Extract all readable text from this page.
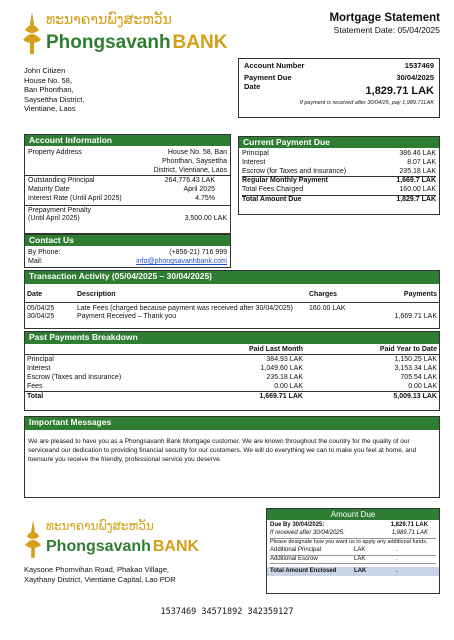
ທະນາຄານພົງສະຫວັນ
Phongsavanh BANK
Mortgage Statement
Statement Date: 05/04/2025
John Citizen
House No. 58,
Ban Phonthan,
Saysettha District,
Vientiane, Laos
Account Number	1537469
Payment Due	30/04/2025
Date	1,829.71 LAK
If payment is received after 30/04/25, pay 1,989.71LAK
Account Information
Property Address	House No. 58, Ban
Phonthan, Saysettha
District, Vientiane, Laos
Outstanding Principal	264,776.43 LAK
Maturity Date	April 2025
Interest Rate (Until April 2025)	4.75%
Prepayment Penalty
(Until April 2025)	3,500.00 LAK
Contact Us
By Phone:	(+856-21) 716 999
Mail:	info@phongsavanhbank.com
Current Payment Due
Principal	386.46 LAK
Interest	8.07 LAK
Escrow (for Taxes and Insurance)	235.18 LAK
Regular Monthly Payment	1,669.7 LAK
Total Fees Charged	160.00 LAK
Total Amount Due	1,829.7 LAK
Transaction Activity (05/04/2025 – 30/04/2025)
Date	Description	Charges	Payments

05/04/25	Late Fees (charged because payment was received after 30/04/2025)	160.00 LAK	
30/04/25	Payment Received – Thank you		1,669.71 LAK
Past Payments Breakdown
	Paid Last Month		Paid Year to Date
Principal	384.93 LAK		1,150.25 LAK
Interest	1,049.60 LAK		3,153.34 LAK
Escrow (Taxes and Insurance)	235.18 LAK		705.54 LAK
Fees	0.00 LAK		0.00 LAK
Total	1,669.71 LAK		5,009.13 LAK
Important Messages
We are pleased to have you as a Phongsavanh Bank Mortgage customer. We are known throughout the country for the quality of our serviceand our dedication to providing financial security for our customers. We will do everything we can to make you feel at home, and toensure you receive the friendly, professional service you deserve.
ທະນາຄານພົງສະຫວັນ
Phongsavanh BANK
Kaysone Phomvihan Road, Phakao Village,
Xaythany District, Vientiane Capital, Lao PDR
Amount Due
Due By 30/04/2025:	1,829.71 LAK
If received after 30/04/2025:	1,989.71 LAK
Please designate how you want us to apply any additional funds.
Additional Principal	LAK	.
Additional Escrow	LAK	.
Total Amount Enclosed	LAK	.
1537469 34571892 342359127
